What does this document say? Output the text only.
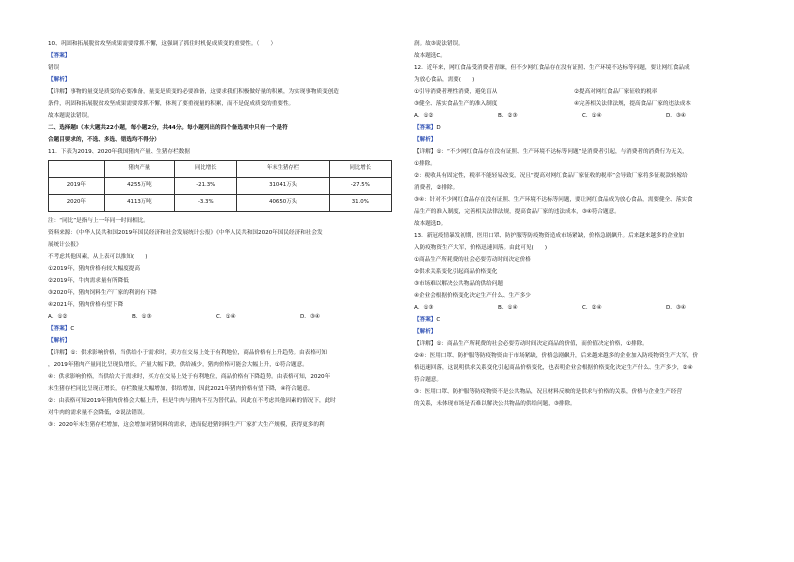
10、巩固和拓展脱贫攻坚成果需要常抓不懈，这强调了抓住时机促成质变的重要性。（　　）

【答案】

错误

【解析】

【详解】事物的量变是质变的必要准备，量变是质变的必要准备，这要求我们积极做好量的积累，为实现事物质变创造

条件，巩固和拓展脱贫攻坚成果需要常抓不懈，体现了要重视量的积累，而不是促成质变的重要性。

故本题说法错误。

二、选择题Ⅰ（本大题共22小题，每小题2分，共44分。每小题列出的四个备选项中只有一个是符

合题目要求的，不选、多选、错选均不得分）

11．下表为2019、2020年我国猪肉产量、生猪存栏数据

	猪肉产量	同比增长	年末生猪存栏	同比增长
2019年	4255万吨	-21.3%	31041万头	-27.5%
2020年	4113万吨	-3.3%	40650万头	31.0%

注：“同比”是指与上一年同一时间相比。

资料来源：《中华人民共和国2019年国民经济和社会发展统计公报》《中华人民共和国2020年国民经济和社会发

展统计公报》

不考虑其他因素，从上表可以推知(　　)

①2019年，猪肉价格有较大幅度提高

②2019年，牛肉需求量有所降低

③2020年，猪肉饲料生产厂家的利润有下降

④2021年，猪肉价格有望下降

A．①②	B．①③	C．①④	D．③④

【答案】C

【解析】

【详解】①：供求影响价格，当供给小于需求时，卖方在交易上处于有利地位，商品价格有上升趋势。由表格可知

，2019年猪肉产量同比呈现负增长，产量大幅下跌，供给减少，猪肉价格可能会大幅上升，①符合题意。

④：供求影响价格，当供给大于需求时，买方在交易上处于有利地位，商品价格有下降趋势。由表格可知，2020年

末生猪存栏同比呈现正增长，存栏数量大幅增加，供给增加，因此2021年猪肉价格有望下降，④符合题意。

②：由表格可知2019年猪肉价格会大幅上升，但是牛肉与猪肉不互为替代品，因此在不考虑其他因素的情况下，此时

对牛肉的需求量不会降低，②说法错误。

③：2020年末生猪存栏增加，这会增加对猪饲料的需求，进而促进猪饲料生产厂家扩大生产规模，获得更多的利

润。故③说法错误。

故本题选C。

12．近年来，网红食品受消费者青睐，但不少网红食品存在没有证照、生产环境不达标等问题，要让网红食品成

为放心食品，需要(　　)

①引导消费者理性消费，避免盲从	②提高对网红食品厂家征收的税率

③健全、落实食品生产的准入制度	④完善相关法律法规，提高食品厂家的违法成本

A．①②	B．②③	C．①④	D．③④

【答案】D

【解析】

【详解】①：“不少网红食品存在没有证照、生产环境不达标等问题”是消费者引起，与消费者的消费行为无关，

①排除。

②：税收具有固定性，税率不能轻易改变，况且“提高对网红食品厂家征收的税率”会导致厂家将多征税款转嫁给

消费者，②排除。

③④：针对不少网红食品存在没有证照、生产环境不达标等问题，要让网红食品成为放心食品，需要健全、落实食

品生产的准入制度，完善相关法律法规，提高食品厂家的违法成本，③④符合题意。

故本题选D。

13．新冠疫情暴发初期，医用口罩、防护服等防疫物资造成市场紧缺，价格急剧飙升。后来越来越多的企业加

入防疫物资生产大军，价格迅速回落。由此可见(　　)

①商品生产所耗费的社会必要劳动时间决定价格

②供求关系变化引起商品价格变化

③市场难以解决公共物品的供给问题

④企业会根据价格变化决定生产什么、生产多少

A．①③	B．①④	C．②④	D．③④

【答案】C

【解析】

【详解】①：商品生产所耗费的社会必要劳动时间决定商品的价值，而价值决定价格，①排除。

②④：医用口罩、防护服等防疫物资由于市场紧缺，价格急剧飙升，后来越来越多的企业加入防疫物资生产大军，价

格迅速回落，这说明供求关系变化引起商品价格变化，也表明企业会根据价格变化决定生产什么、生产多少，②④

符合题意。

③：医用口罩、防护服等防疫物资不是公共物品，况且材料反映的是供求与价格的关系，价格与企业生产经营

的关系，未体现市场是否难以解决公共物品的供给问题，③排除。
